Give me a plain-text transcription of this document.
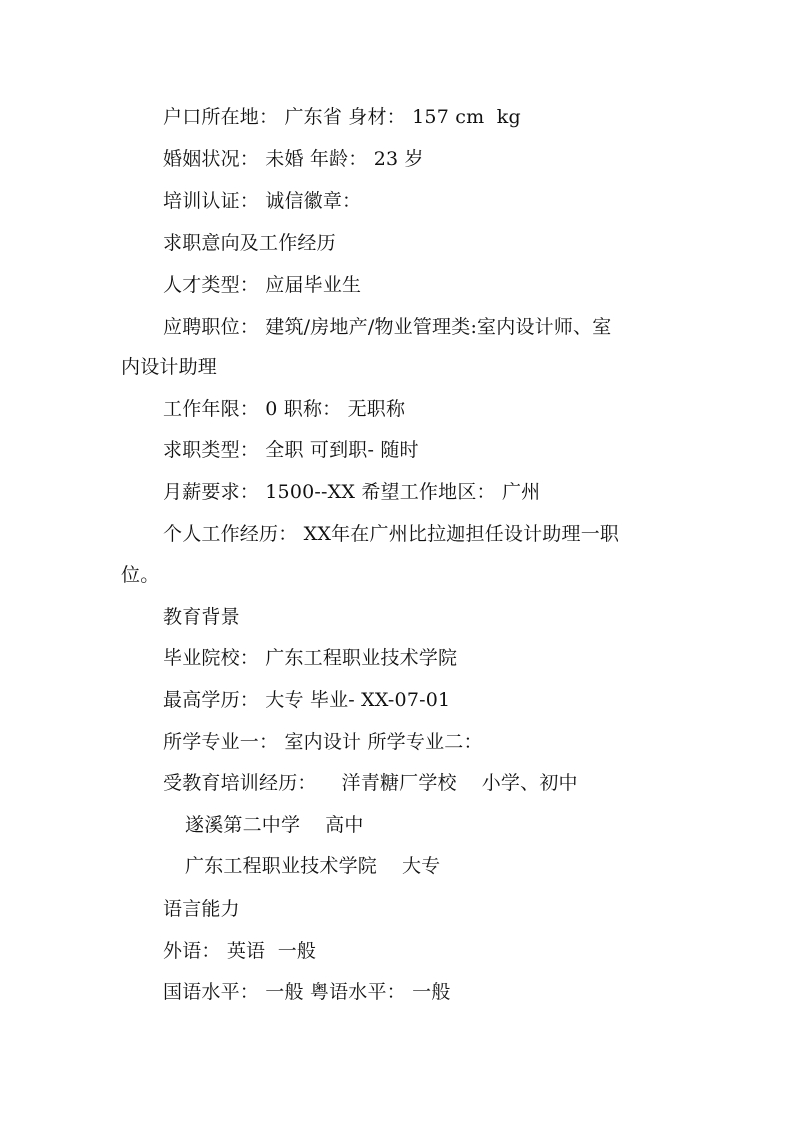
户口所在地： 广东省 身材： 157 cm  kg
婚姻状况： 未婚 年龄： 23 岁
培训认证： 诚信徽章：
求职意向及工作经历
人才类型： 应届毕业生
应聘职位： 建筑/房地产/物业管理类:室内设计师、室
内设计助理
工作年限： 0 职称： 无职称
求职类型： 全职 可到职- 随时
月薪要求： 1500--XX 希望工作地区： 广州
个人工作经历： XX年在广州比拉迦担任设计助理一职
位。
教育背景
毕业院校： 广东工程职业技术学院
最高学历： 大专 毕业- XX-07-01
所学专业一： 室内设计 所学专业二：
受教育培训经历：    洋青糖厂学校    小学、初中
遂溪第二中学    高中
广东工程职业技术学院    大专
语言能力
外语： 英语  一般
国语水平： 一般 粤语水平： 一般
